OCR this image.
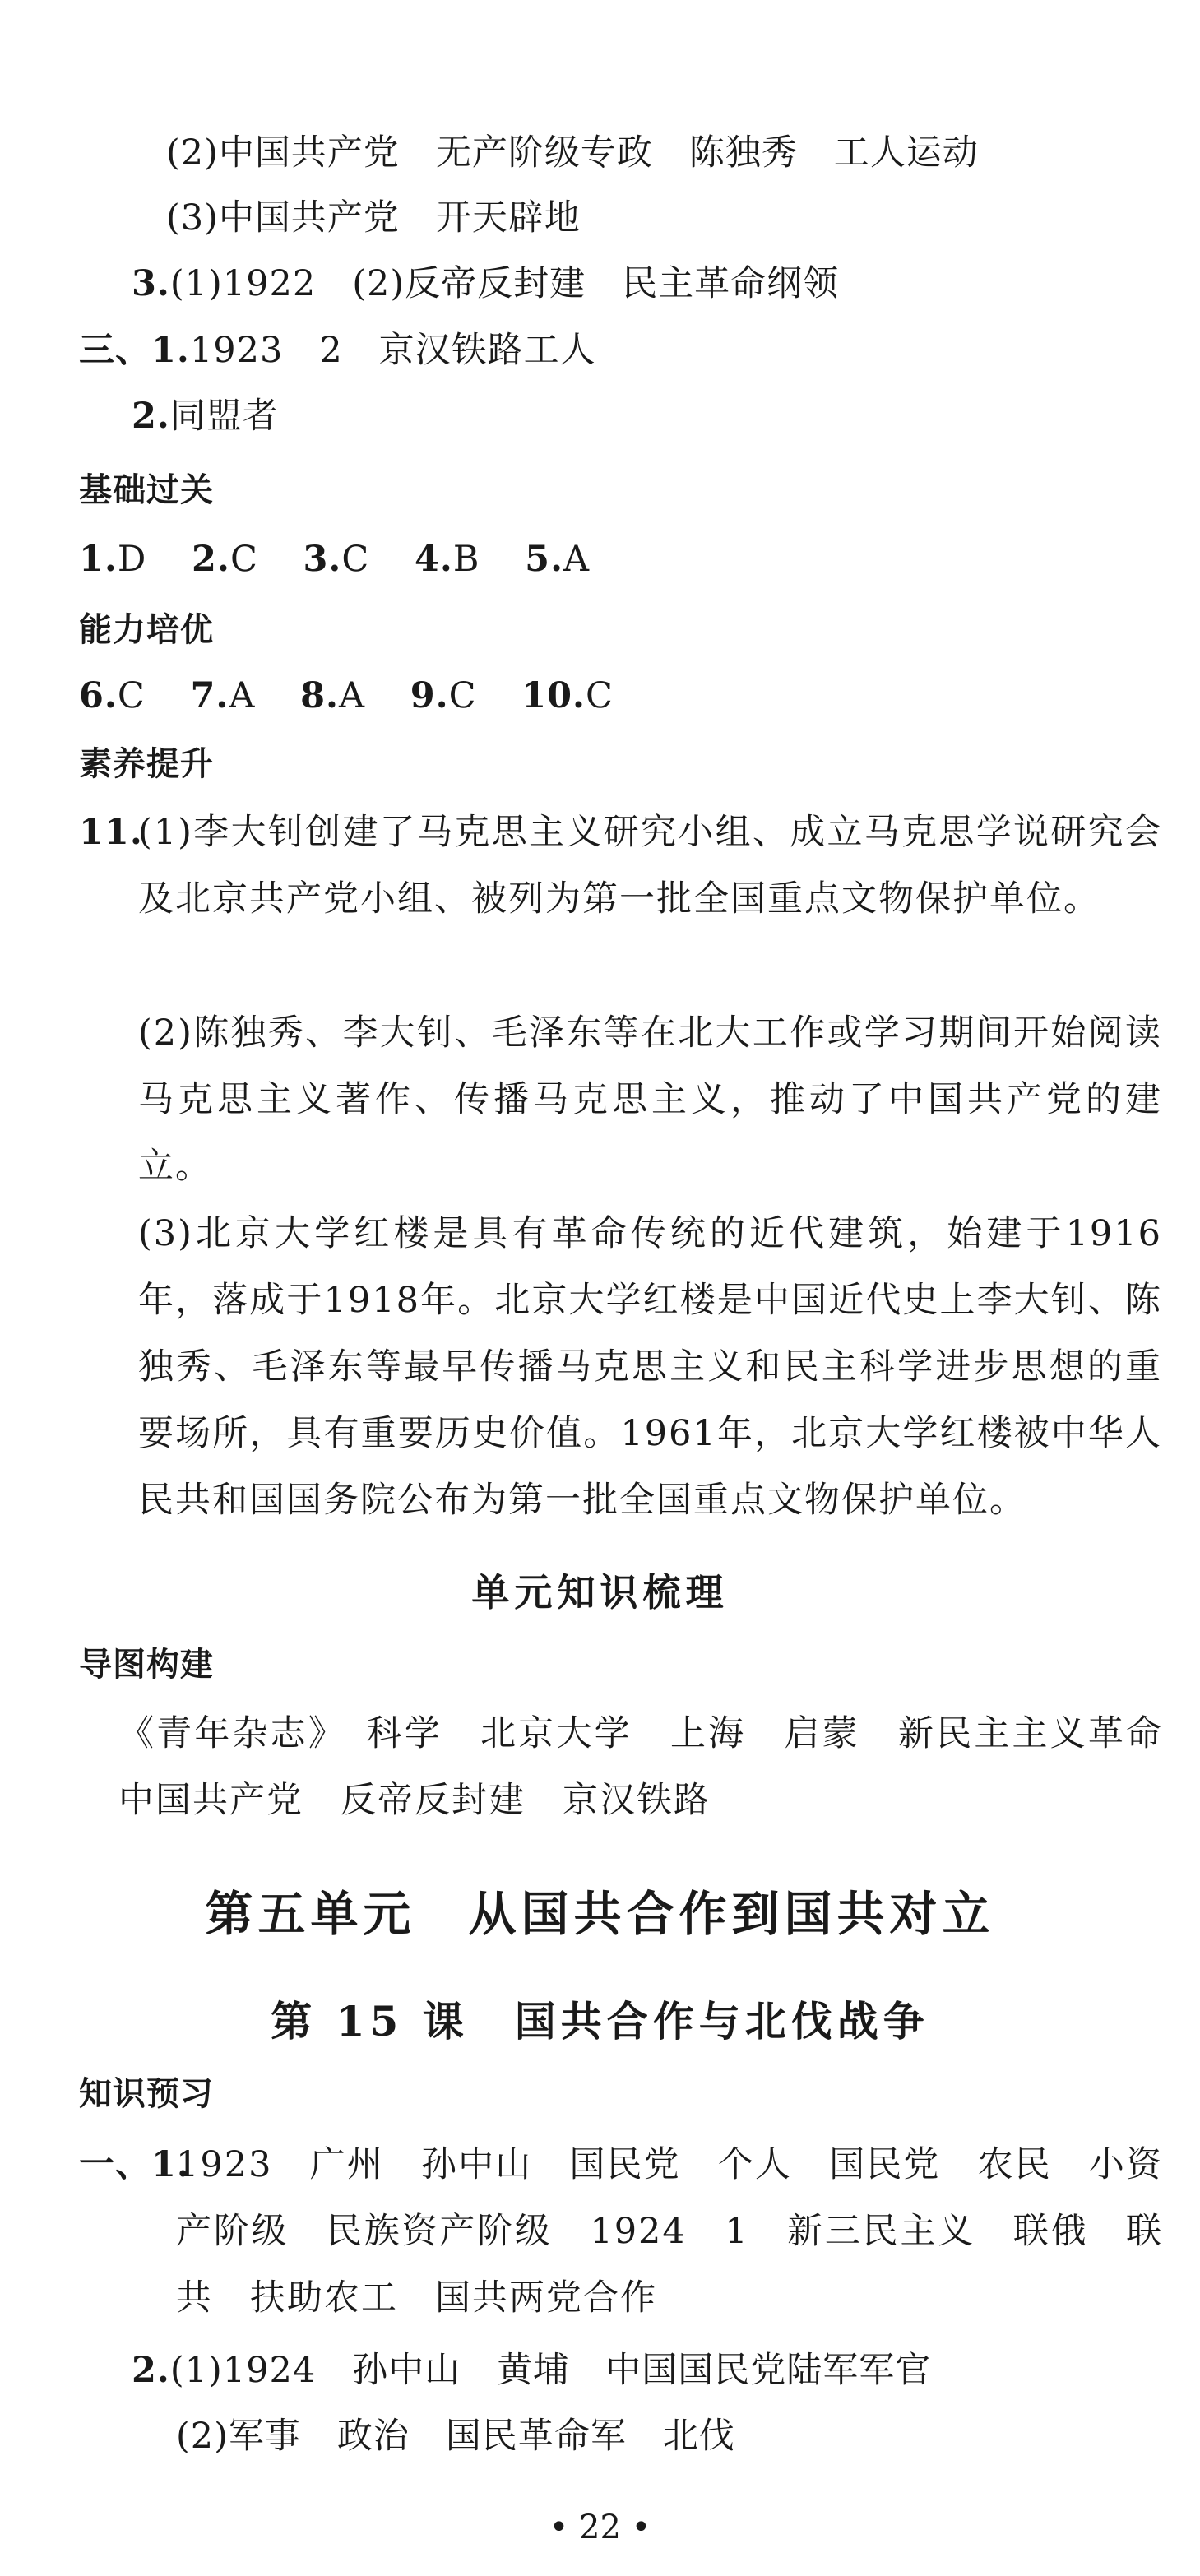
(2)中国共产党　无产阶级专政　陈独秀　工人运动
(3)中国共产党　开天辟地
3.(1)1922　(2)反帝反封建　民主革命纲领
三、1.1923　2　京汉铁路工人
2.同盟者
基础过关
1.D 2.C 3.C 4.B 5.A
能力培优
6.C 7.A 8.A 9.C 10.C
素养提升
11.
(1)李大钊创建了马克思主义研究小组、成立马克思学说研究会及北京共产党小组、被列为第一批全国重点文物保护单位。
(2)陈独秀、李大钊、毛泽东等在北大工作或学习期间开始阅读马克思主义著作、传播马克思主义，推动了中国共产党的建立。
(3)北京大学红楼是具有革命传统的近代建筑，始建于1916年，落成于1918年。北京大学红楼是中国近代史上李大钊、陈独秀、毛泽东等最早传播马克思主义和民主科学进步思想的重要场所，具有重要历史价值。1961年，北京大学红楼被中华人民共和国国务院公布为第一批全国重点文物保护单位。
单元知识梳理
导图构建
《青年杂志》　科学　北京大学　上海　启蒙　新民主主义革命　中国共产党　反帝反封建　京汉铁路
第五单元　从国共合作到国共对立
第 15 课　国共合作与北伐战争
知识预习
一、1.
1923　广州　孙中山　国民党　个人　国民党　农民　小资产阶级　民族资产阶级　1924　1　新三民主义　联俄　联共　扶助农工　国共两党合作
2.(1)1924　孙中山　黄埔　中国国民党陆军军官
(2)军事　政治　国民革命军　北伐
• 22 •
